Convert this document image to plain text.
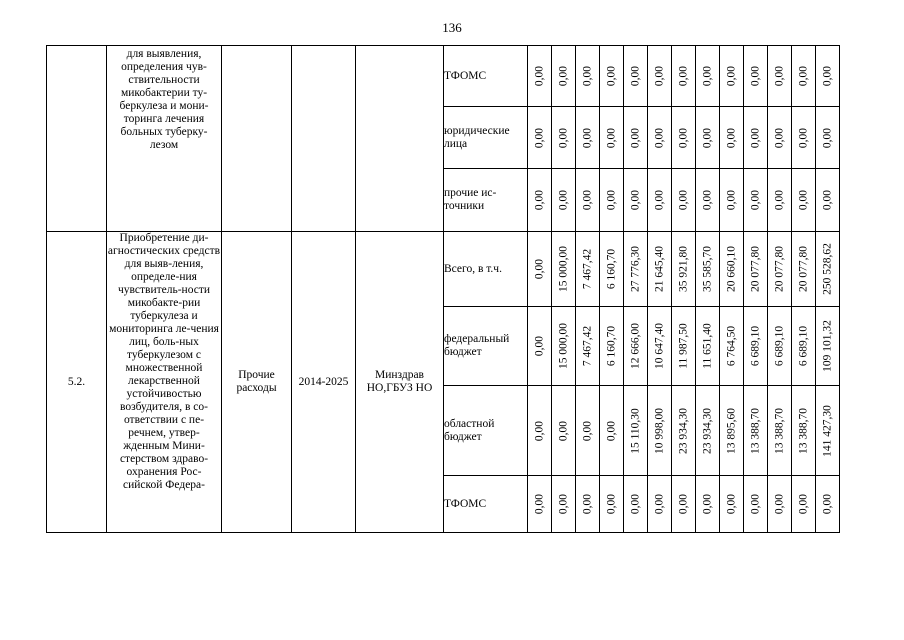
136
	для выявления, определения чув-ствительности микобактерии ту-беркулеза и мони-торинга лечения больных туберку-лезом				ТФОМС	0,00	0,00	0,00	0,00	0,00	0,00	0,00	0,00	0,00	0,00	0,00	0,00	0,00

					юридические лица	0,00	0,00	0,00	0,00	0,00	0,00	0,00	0,00	0,00	0,00	0,00	0,00	0,00

					прочие ис-точники	0,00	0,00	0,00	0,00	0,00	0,00	0,00	0,00	0,00	0,00	0,00	0,00	0,00

5.2.	Приобретение ди-агностических средств для выяв-ления, определе-ния чувствитель-ности микобакте-рии туберкулеза и мониторинга ле-чения лиц, боль-ных туберкулезом с множественной лекарственной устойчивостью возбудителя, в со-ответствии с пе-речнем, утвер-жденным Мини-стерством здраво-охранения Рос-сийской Федера-	Прочие расходы	2014-2025	Минздрав НО,ГБУЗ НО	Всего, в т.ч.	0,00	15 000,00	7 467,42	6 160,70	27 776,30	21 645,40	35 921,80	35 585,70	20 660,10	20 077,80	20 077,80	20 077,80	250 528,62

					федеральный бюджет	0,00	15 000,00	7 467,42	6 160,70	12 666,00	10 647,40	11 987,50	11 651,40	6 764,50	6 689,10	6 689,10	6 689,10	109 101,32

					областной бюджет	0,00	0,00	0,00	0,00	15 110,30	10 998,00	23 934,30	23 934,30	13 895,60	13 388,70	13 388,70	13 388,70	141 427,30

					ТФОМС	0,00	0,00	0,00	0,00	0,00	0,00	0,00	0,00	0,00	0,00	0,00	0,00	0,00
